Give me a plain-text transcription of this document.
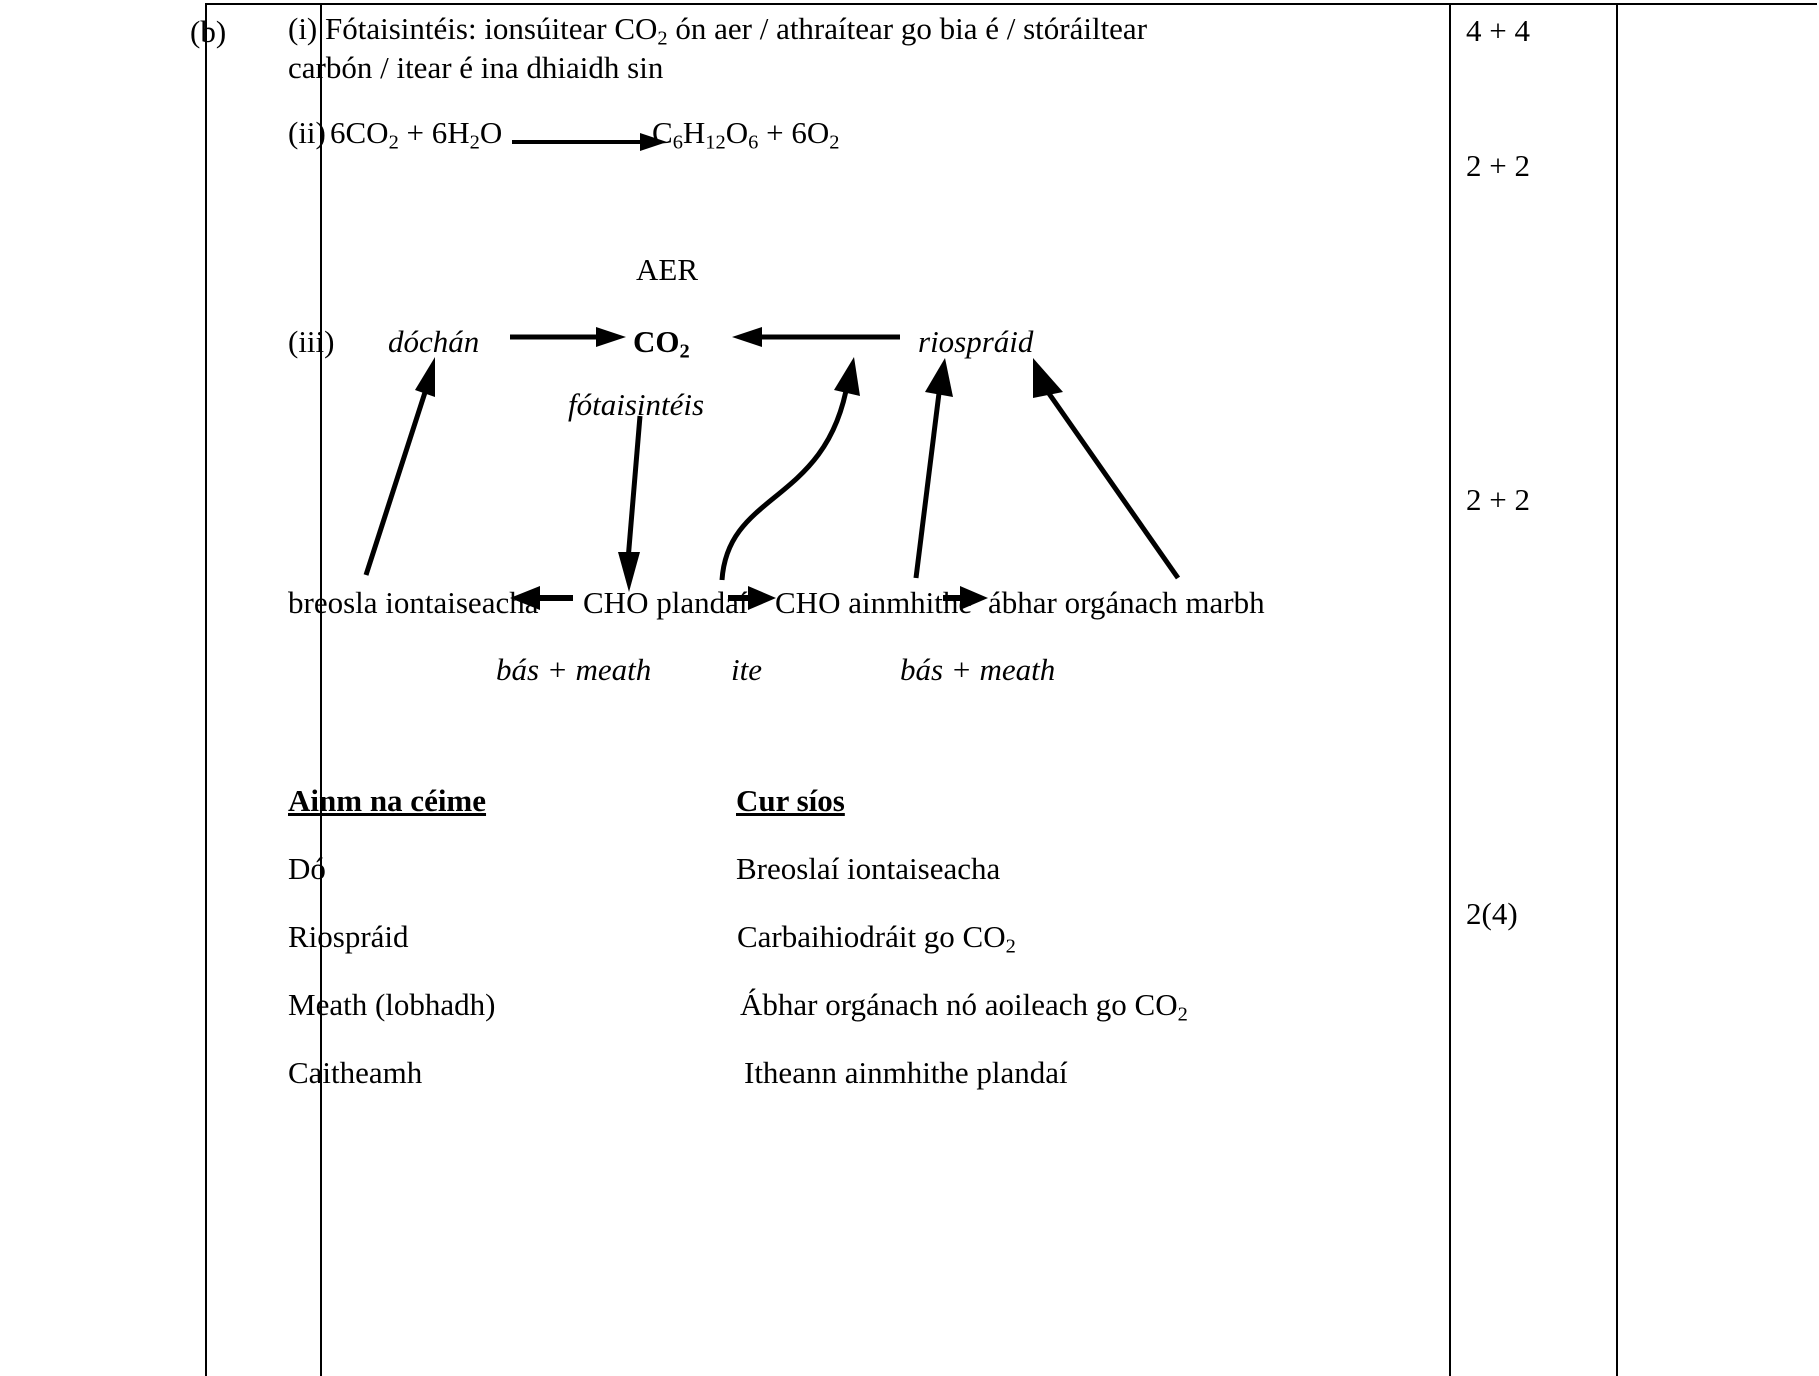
(b) (i) Fótaisintéis: ionsúitear $CO_2$ ón aer / athraítear go bia é / stóráiltear
carbón / itear é ina dhiaidh sin
(ii) $6CO_2 + 6H_2O$	$C_6H_{12}O_6 + 6O_2$
4 + 4
2 + 2
2 + 2
2(4)
AER
(iii) dóchán	$CO_2$	riospráid
fótaisintéis
breosla iontaiseacha CHO plandaí CHO ainmhithe ábhar orgánach marbh
bás + meath	ite	bás + meath
Ainm na céime	Cur síos
Dó	Breoslaí iontaiseacha
Riospráid	Carbaihiodráit go $CO_2$
Meath (lobhadh)	Ábhar orgánach nó aoileach go $CO_2$
Caitheamh	Itheann ainmhithe plandaí
